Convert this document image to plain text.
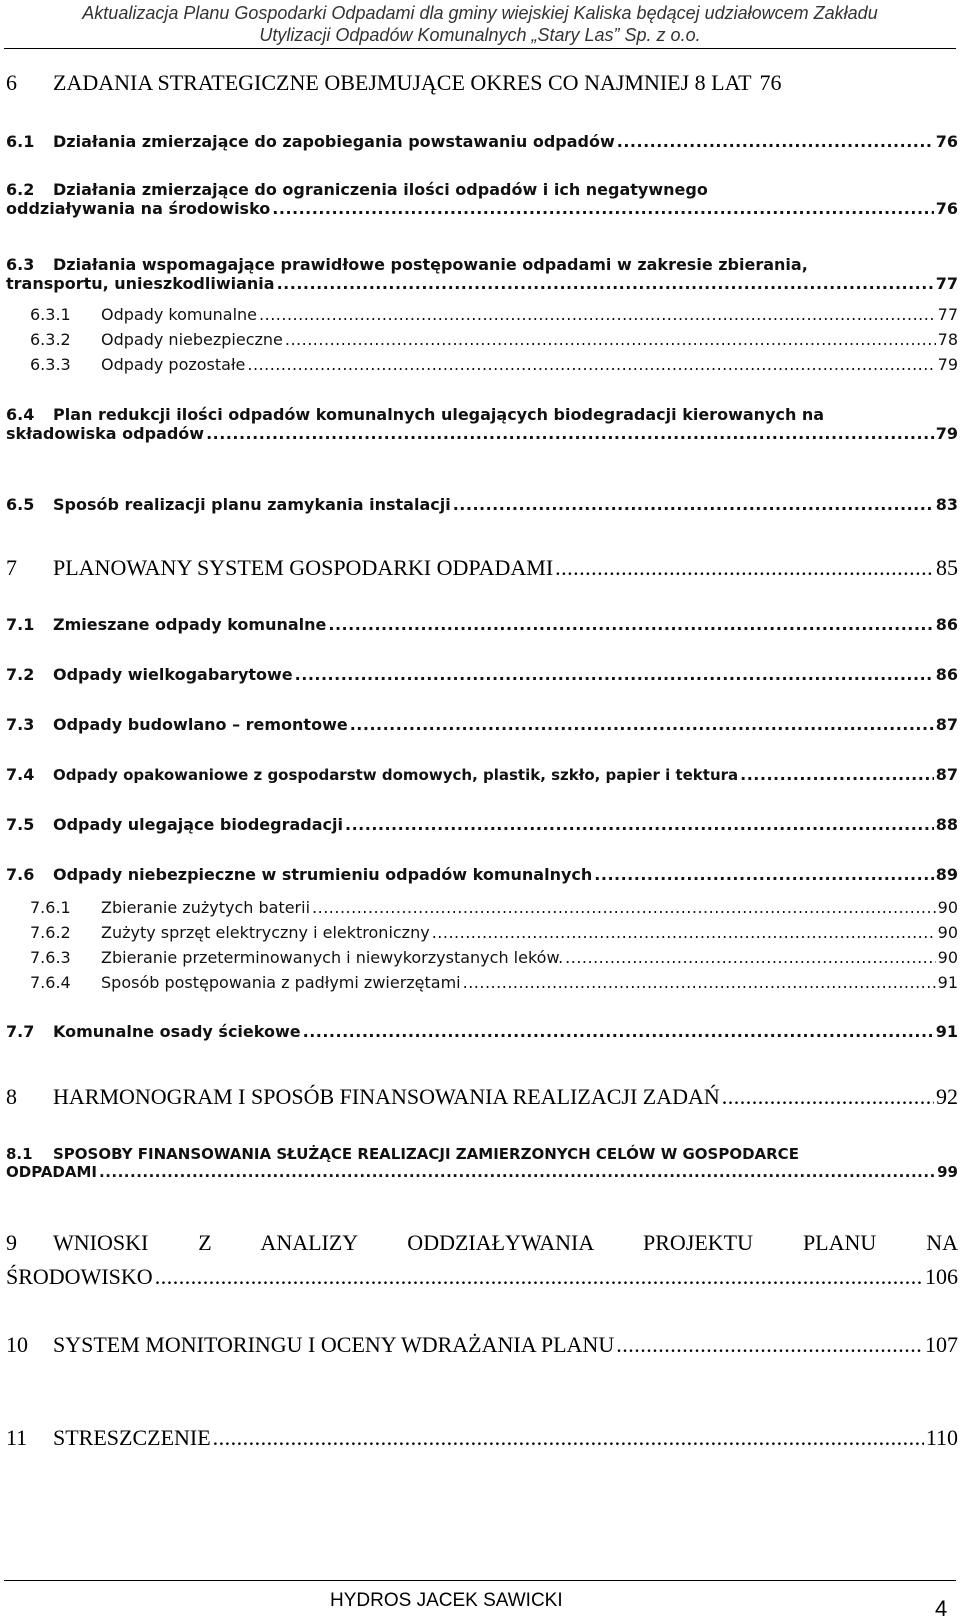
Aktualizacja Planu Gospodarki Odpadami dla gminy wiejskiej Kaliska będącej udziałowcem Zakładu
Utylizacji Odpadów Komunalnych „Stary Las” Sp. z o.o.
6	ZADANIA STRATEGICZNE OBEJMUJĄCE OKRES CO NAJMNIEJ 8 LAT 76
6.1	Działania zmierzające do zapobiegania powstawaniu odpadów .....	76
6.2	Działania zmierzające do ograniczenia ilości odpadów i ich negatywnego
oddziaływania na środowisko .....	76
6.3	Działania wspomagające prawidłowe postępowanie odpadami w zakresie zbierania,
transportu, unieszkodliwiania .....	77
6.3.1	Odpady komunalne .....	77
6.3.2	Odpady niebezpieczne .....	78
6.3.3	Odpady pozostałe .....	79
6.4	Plan redukcji ilości odpadów komunalnych ulegających biodegradacji kierowanych na
składowiska odpadów .....	79
6.5	Sposób realizacji planu zamykania instalacji .....	83
7	PLANOWANY SYSTEM GOSPODARKI ODPADAMI .....	85
7.1	Zmieszane odpady komunalne .....	86
7.2	Odpady wielkogabarytowe .....	86
7.3	Odpady budowlano – remontowe .....	87
7.4	Odpady opakowaniowe z gospodarstw domowych, plastik, szkło, papier i tektura .....	87
7.5	Odpady ulegające biodegradacji .....	88
7.6	Odpady niebezpieczne w strumieniu odpadów komunalnych .....	89
7.6.1	Zbieranie zużytych baterii .....	90
7.6.2	Zużyty sprzęt elektryczny i elektroniczny .....	90
7.6.3	Zbieranie przeterminowanych i niewykorzystanych leków. .....	90
7.6.4	Sposób postępowania z padłymi zwierzętami .....	91
7.7	Komunalne osady ściekowe .....	91
8	HARMONOGRAM I SPOSÓB FINANSOWANIA REALIZACJI ZADAŃ .....	92
8.1	SPOSOBY FINANSOWANIA SŁUŻĄCE REALIZACJI ZAMIERZONYCH CELÓW W GOSPODARCE
ODPADAMI .....	99
9	WNIOSKI Z ANALIZY ODDZIAŁYWANIA PROJEKTU PLANU NA
ŚRODOWISKO .....	106
10	SYSTEM MONITORINGU I OCENY WDRAŻANIA PLANU .....	107
11	STRESZCZENIE .....	110
HYDROS JACEK SAWICKI	4
